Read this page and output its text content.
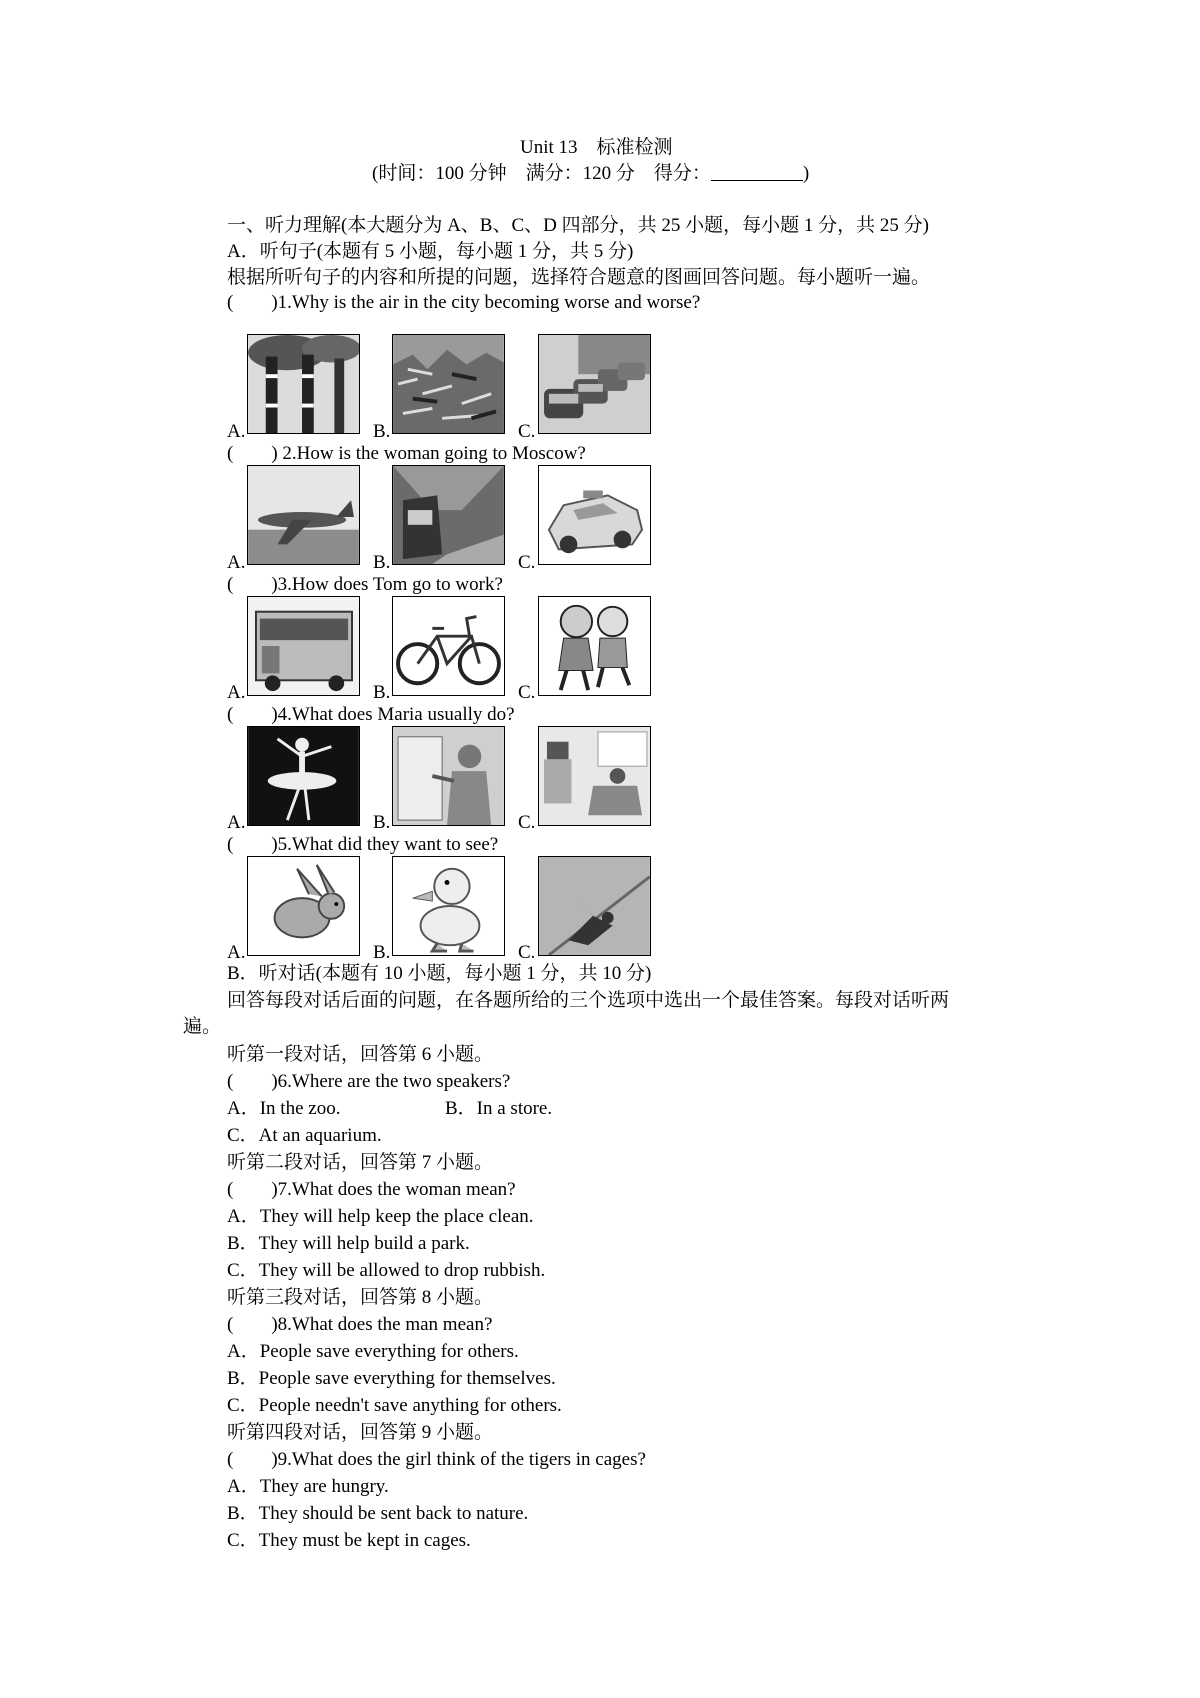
Unit 13　标准检测
(时间：100 分钟　满分：120 分　得分：	)
一、听力理解(本大题分为 A、B、C、D 四部分，共 25 小题，每小题 1 分，共 25 分)
A．听句子(本题有 5 小题，每小题 1 分，共 5 分)
根据所听句子的内容和所提的问题，选择符合题意的图画回答问题。每小题听一遍。
(　　)1.Why is the air in the city becoming worse and worse?
A.	B.	C.
(　　) 2.How is the woman going to Moscow?
A.	B.	C.
(　　)3.How does Tom go to work?
A.	B.	C.
(　　)4.What does Maria usually do?
A.	B.	C.
(　　)5.What did they want to see?
A.	B.	C.
B．听对话(本题有 10 小题，每小题 1 分，共 10 分)
回答每段对话后面的问题，在各题所给的三个选项中选出一个最佳答案。每段对话听两
遍。
听第一段对话，回答第 6 小题。
(　　)6.Where are the two speakers?
A．In the zoo.	B．In a store.
C．At an aquarium.
听第二段对话，回答第 7 小题。
(　　)7.What does the woman mean?
A．They will help keep the place clean.
B．They will help build a park.
C．They will be allowed to drop rubbish.
听第三段对话，回答第 8 小题。
(　　)8.What does the man mean?
A．People save everything for others.
B．People save everything for themselves.
C．People needn't save anything for others.
听第四段对话，回答第 9 小题。
(　　)9.What does the girl think of the tigers in cages?
A．They are hungry.
B．They should be sent back to nature.
C．They must be kept in cages.
